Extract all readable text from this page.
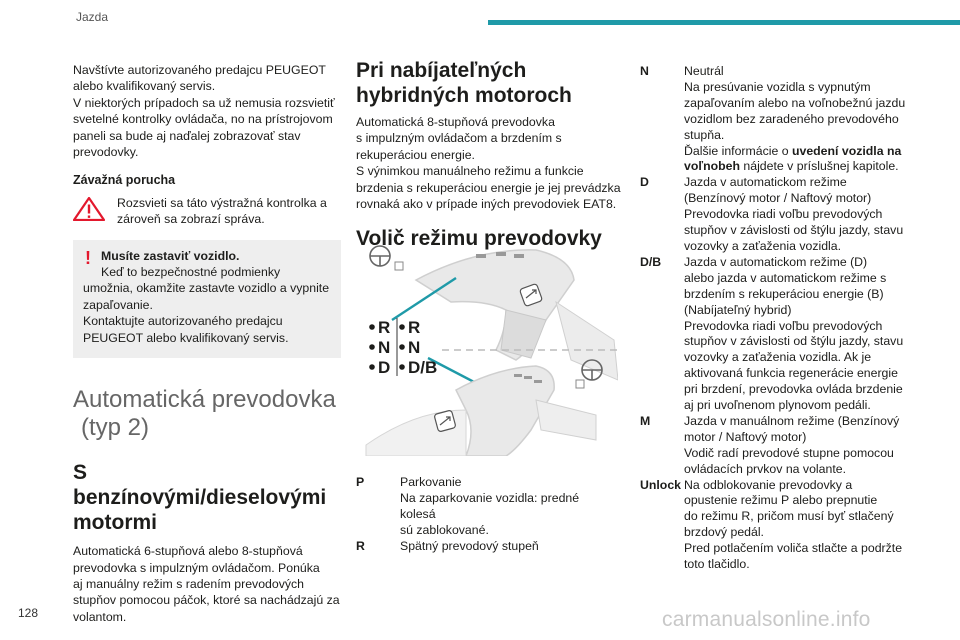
Jazda

Navštívte autorizovaného predajcu PEUGEOT

alebo kvalifikovaný servis.

V niektorých prípadoch sa už nemusia rozsvietiť

svetelné kontrolky ovládača, no na prístrojovom

paneli sa bude aj naďalej zobrazovať stav

prevodovky.

Závažná porucha

Rozsvieti sa táto výstražná kontrolka a

zároveň sa zobrazí správa.

! Musíte zastaviť vozidlo.

Keď to bezpečnostné podmienky

umožnia, okamžite zastavte vozidlo a vypnite

zapaľovanie.

Kontaktujte autorizovaného predajcu

PEUGEOT alebo kvalifikovaný servis.

Automatická prevodovka
(typ 2)
S benzínovými/dieselovými
motormi

Automatická 6-stupňová alebo 8-stupňová

prevodovka s impulzným ovládačom. Ponúka

aj manuálny režim s radením prevodových

stupňov pomocou páčok, ktoré sa nachádzajú za

volantom.

Pri nabíjateľných
hybridných motoroch

Automatická 8-stupňová prevodovka

s impulzným ovládačom a brzdením s

rekuperáciou energie.

S výnimkou manuálneho režimu a funkcie

brzdenia s rekuperáciou energie je jej prevádzka

rovnaká ako v prípade iných prevodoviek EAT8.

Volič režimu prevodovky
R
N
D
R
N
D/B
P	Parkovanie

Na zaparkovanie vozidla: predné kolesá

sú zablokované.

R	Spätný prevodový stupeň

N	Neutrál

Na presúvanie vozidla s vypnutým

zapaľovaním alebo na voľnobežnú jazdu

vozidlom bez zaradeného prevodového

stupňa.

Ďalšie informácie o uvedení vozidla na

voľnobeh nájdete v príslušnej kapitole.

D	Jazda v automatickom režime

(Benzínový motor / Naftový motor)

Prevodovka riadi voľbu prevodových

stupňov v závislosti od štýlu jazdy, stavu

vozovky a zaťaženia vozidla.

D/B	Jazda v automatickom režime (D)

alebo jazda v automatickom režime s

brzdením s rekuperáciou energie (B)

(Nabíjateľný hybrid)

Prevodovka riadi voľbu prevodových

stupňov v závislosti od štýlu jazdy, stavu

vozovky a zaťaženia vozidla. Ak je

aktivovaná funkcia regenerácie energie

pri brzdení, prevodovka ovláda brzdenie

aj pri uvoľnenom plynovom pedáli.

M	Jazda v manuálnom režime (Benzínový

motor / Naftový motor)

Vodič radí prevodové stupne pomocou

ovládacích prvkov na volante.

Unlock Na odblokovanie prevodovky a

opustenie režimu P alebo prepnutie

do režimu R, pričom musí byť stlačený

brzdový pedál.

Pred potlačením voliča stlačte a podržte

toto tlačidlo.

128	carmanualsonline.info
